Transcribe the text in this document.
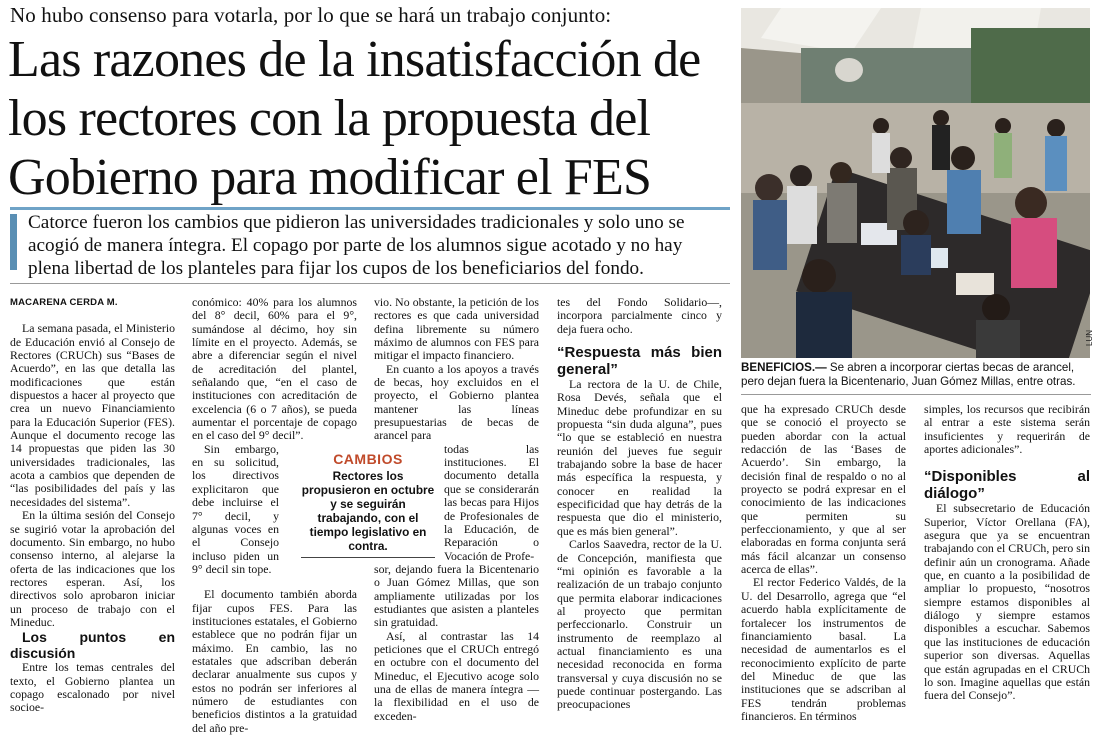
No hubo consenso para votarla, por lo que se hará un trabajo conjunto:
Las razones de la insatisfacción de
los rectores con la propuesta del
Gobierno para modificar el FES
Catorce fueron los cambios que pidieron las universidades tradicionales y solo uno se acogió de manera íntegra. El copago por parte de los alumnos sigue acotado y no hay plena libertad de los planteles para fijar los cupos de los beneficiarios del fondo.
LUN
BENEFICIOS.— Se abren a incorporar ciertas becas de arancel, pero dejan fuera la Bicentenario, Juan Gómez Millas, entre otras.
MACARENA CERDA M.

La semana pasada, el Ministerio de Educación envió al Consejo de Rectores (CRUCh) sus “Bases de Acuerdo”, en las que detalla las modificaciones que están dispuestos a hacer al proyecto que crea un nuevo Financiamiento para la Educación Superior (FES). Aunque el documento recoge las 14 propuestas que piden las 30 universidades tradicionales, las acota a cambios que dependen de “las posibilidades del país y las necesidades del sistema”.

En la última sesión del Consejo se sugirió votar la aprobación del documento. Sin embargo, no hubo consenso interno, al alejarse la oferta de las indicaciones que los rectores esperan. Así, los directivos solo aprobaron iniciar un proceso de trabajo con el Mineduc.

Los puntos en discusión

Entre los temas centrales del texto, el Gobierno plantea un copago escalonado por nivel socioe-

conómico: 40% para los alumnos del 8° decil, 60% para el 9°, sumándose al décimo, hoy sin límite en el proyecto. Además, se abre a diferenciar según el nivel de acreditación del plantel, señalando que, “en el caso de instituciones con acreditación de excelencia (6 o 7 años), se pueda aumentar el porcentaje de copago en el caso del 9° decil”.

Sin embargo, en su solicitud, los directivos explicitaron que debe incluirse el 7° decil, y algunas voces en el Consejo incluso piden un 9° decil sin tope.

El documento también aborda fijar cupos FES. Para las instituciones estatales, el Gobierno establece que no podrán fijar un máximo. En cambio, las no estatales que adscriban deberán declarar anualmente sus cupos y estos no podrán ser inferiores al número de estudiantes con beneficios distintos a la gratuidad del año pre-

CAMBIOS
Rectores los propusieron en octubre y se seguirán trabajando, con el tiempo legislativo en contra.

vio. No obstante, la petición de los rectores es que cada universidad defina libremente su número máximo de alumnos con FES para mitigar el impacto financiero.

En cuanto a los apoyos a través de becas, hoy excluidos en el proyecto, el Gobierno plantea mantener las líneas presupuestarias de becas de arancel para

todas las instituciones. El documento detalla que se considerarán las becas para Hijos de Profesionales de la Educación, de Reparación o Vocación de Profe-

sor, dejando fuera la Bicentenario o Juan Gómez Millas, que son ampliamente utilizadas por los estudiantes que asisten a planteles sin gratuidad.

Así, al contrastar las 14 peticiones que el CRUCh entregó en octubre con el documento del Mineduc, el Ejecutivo acoge solo una de ellas de manera íntegra —la flexibilidad en el uso de exceden-

tes del Fondo Solidario—, incorpora parcialmente cinco y deja fuera ocho.

“Respuesta más bien general”

La rectora de la U. de Chile, Rosa Devés, señala que el Mineduc debe profundizar en su propuesta “sin duda alguna”, pues “lo que se estableció en nuestra reunión del jueves fue seguir trabajando sobre la base de hacer más específica la respuesta, y conocer en realidad la especificidad que hay detrás de la respuesta que dio el ministerio, que es más bien general”.

Carlos Saavedra, rector de la U. de Concepción, manifiesta que “mi opinión es favorable a la realización de un trabajo conjunto que permita elaborar indicaciones al proyecto que permitan perfeccionarlo. Construir un instrumento de reemplazo al actual financiamiento es una necesidad reconocida en forma transversal y cuya discusión no se puede continuar postergando. Las preocupaciones

que ha expresado CRUCh desde que se conoció el proyecto se pueden abordar con la actual redacción de las ‘Bases de Acuerdo’. Sin embargo, la decisión final de respaldo o no al proyecto se podrá expresar en el conocimiento de las indicaciones que permiten su perfeccionamiento, y que al ser elaboradas en forma conjunta será más fácil alcanzar un consenso acerca de ellas”.

El rector Federico Valdés, de la U. del Desarrollo, agrega que “el acuerdo habla explícitamente de fortalecer los instrumentos de financiamiento basal. La necesidad de aumentarlos es el reconocimiento explícito de parte del Mineduc de que las instituciones que se adscriban al FES tendrán problemas financieros. En términos

simples, los recursos que recibirán al entrar a este sistema serán insuficientes y requerirán de aportes adicionales”.

“Disponibles al diálogo”

El subsecretario de Educación Superior, Víctor Orellana (FA), asegura que ya se encuentran trabajando con el CRUCh, pero sin definir aún un cronograma. Añade que, en cuanto a la posibilidad de ampliar lo propuesto, “nosotros siempre estamos disponibles al diálogo y siempre estamos disponibles a escuchar. Sabemos que las instituciones de educación superior son diversas. Aquellas que están agrupadas en el CRUCh lo son. Imagine aquellas que están fuera del Consejo”.
